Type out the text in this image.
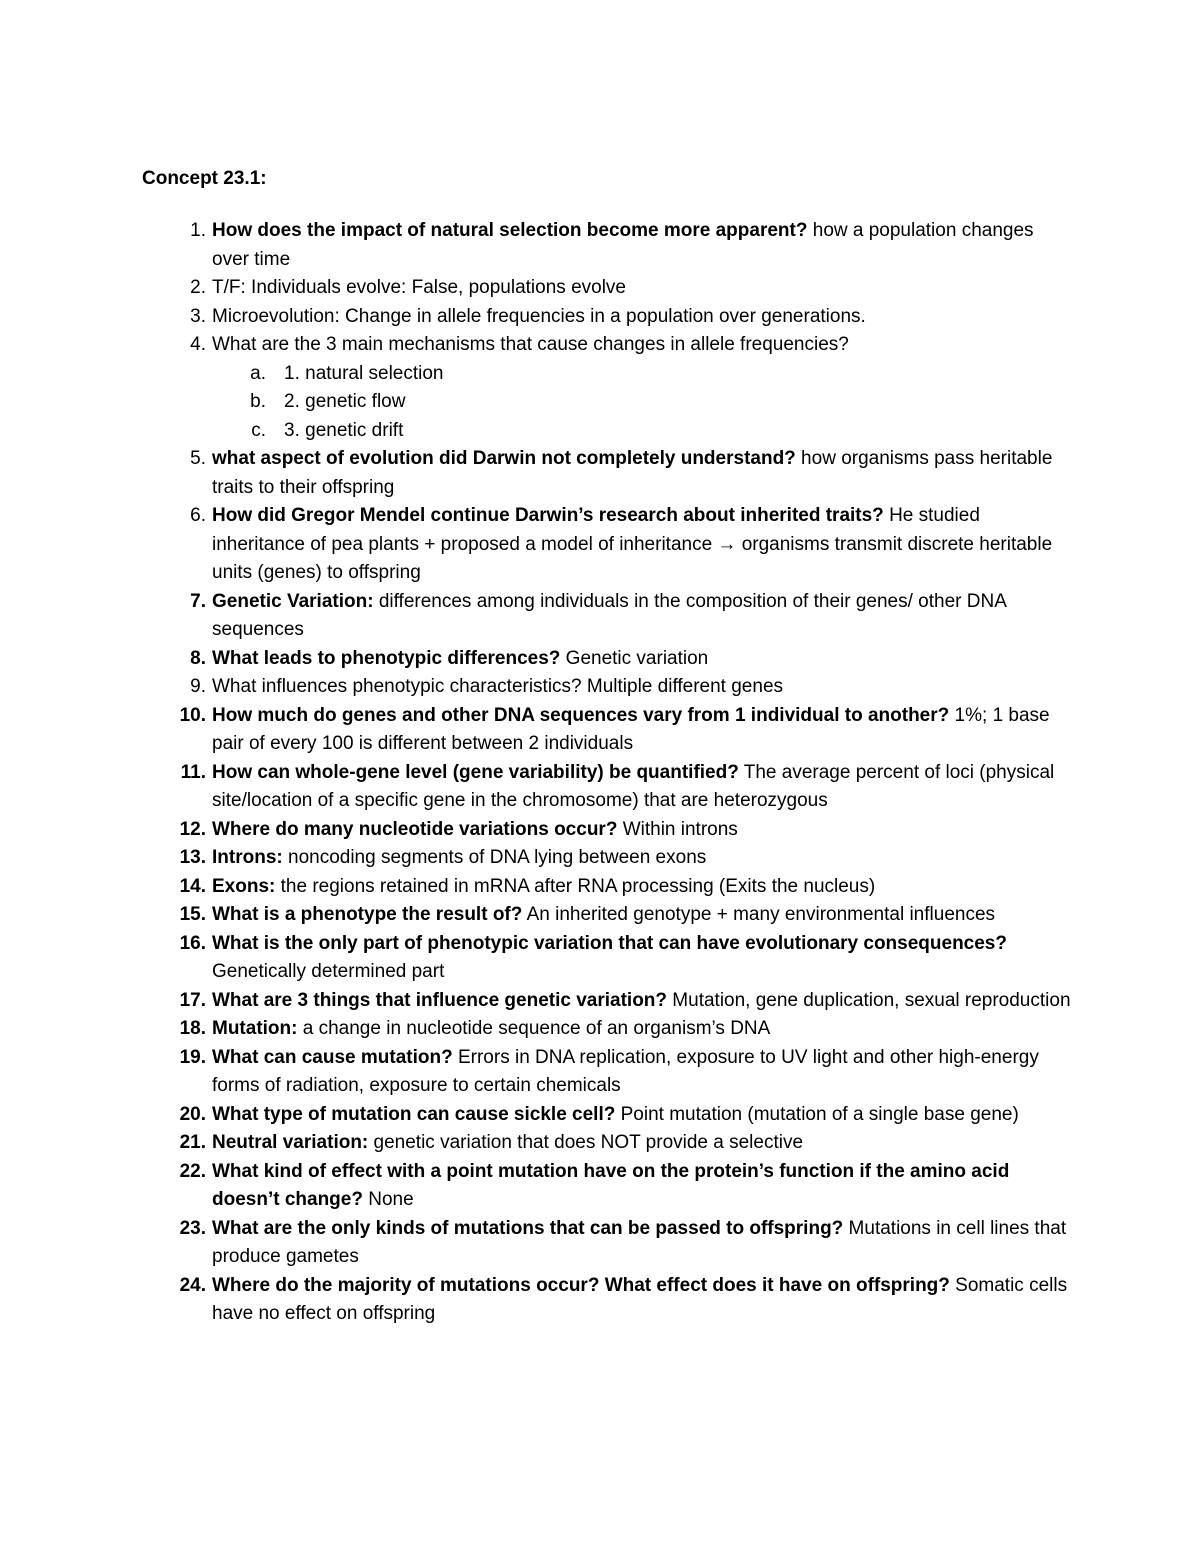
Concept 23.1:
1. How does the impact of natural selection become more apparent? how a population changes over time
2. T/F: Individuals evolve: False, populations evolve
3. Microevolution: Change in allele frequencies in a population over generations.
4. What are the 3 main mechanisms that cause changes in allele frequencies?
a. 1. natural selection
b. 2. genetic flow
c. 3. genetic drift
5. what aspect of evolution did Darwin not completely understand? how organisms pass heritable traits to their offspring
6. How did Gregor Mendel continue Darwin’s research about inherited traits? He studied inheritance of pea plants + proposed a model of inheritance → organisms transmit discrete heritable units (genes) to offspring
7. Genetic Variation: differences among individuals in the composition of their genes/ other DNA sequences
8. What leads to phenotypic differences? Genetic variation
9. What influences phenotypic characteristics? Multiple different genes
10. How much do genes and other DNA sequences vary from 1 individual to another? 1%; 1 base pair of every 100 is different between 2 individuals
11. How can whole-gene level (gene variability) be quantified? The average percent of loci (physical site/location of a specific gene in the chromosome) that are heterozygous
12. Where do many nucleotide variations occur? Within introns
13. Introns: noncoding segments of DNA lying between exons
14. Exons: the regions retained in mRNA after RNA processing (Exits the nucleus)
15. What is a phenotype the result of? An inherited genotype + many environmental influences
16. What is the only part of phenotypic variation that can have evolutionary consequences? Genetically determined part
17. What are 3 things that influence genetic variation? Mutation, gene duplication, sexual reproduction
18. Mutation: a change in nucleotide sequence of an organism’s DNA
19. What can cause mutation? Errors in DNA replication, exposure to UV light and other high-energy forms of radiation, exposure to certain chemicals
20. What type of mutation can cause sickle cell? Point mutation (mutation of a single base gene)
21. Neutral variation: genetic variation that does NOT provide a selective
22. What kind of effect with a point mutation have on the protein’s function if the amino acid doesn’t change? None
23. What are the only kinds of mutations that can be passed to offspring? Mutations in cell lines that produce gametes
24. Where do the majority of mutations occur? What effect does it have on offspring? Somatic cells have no effect on offspring
